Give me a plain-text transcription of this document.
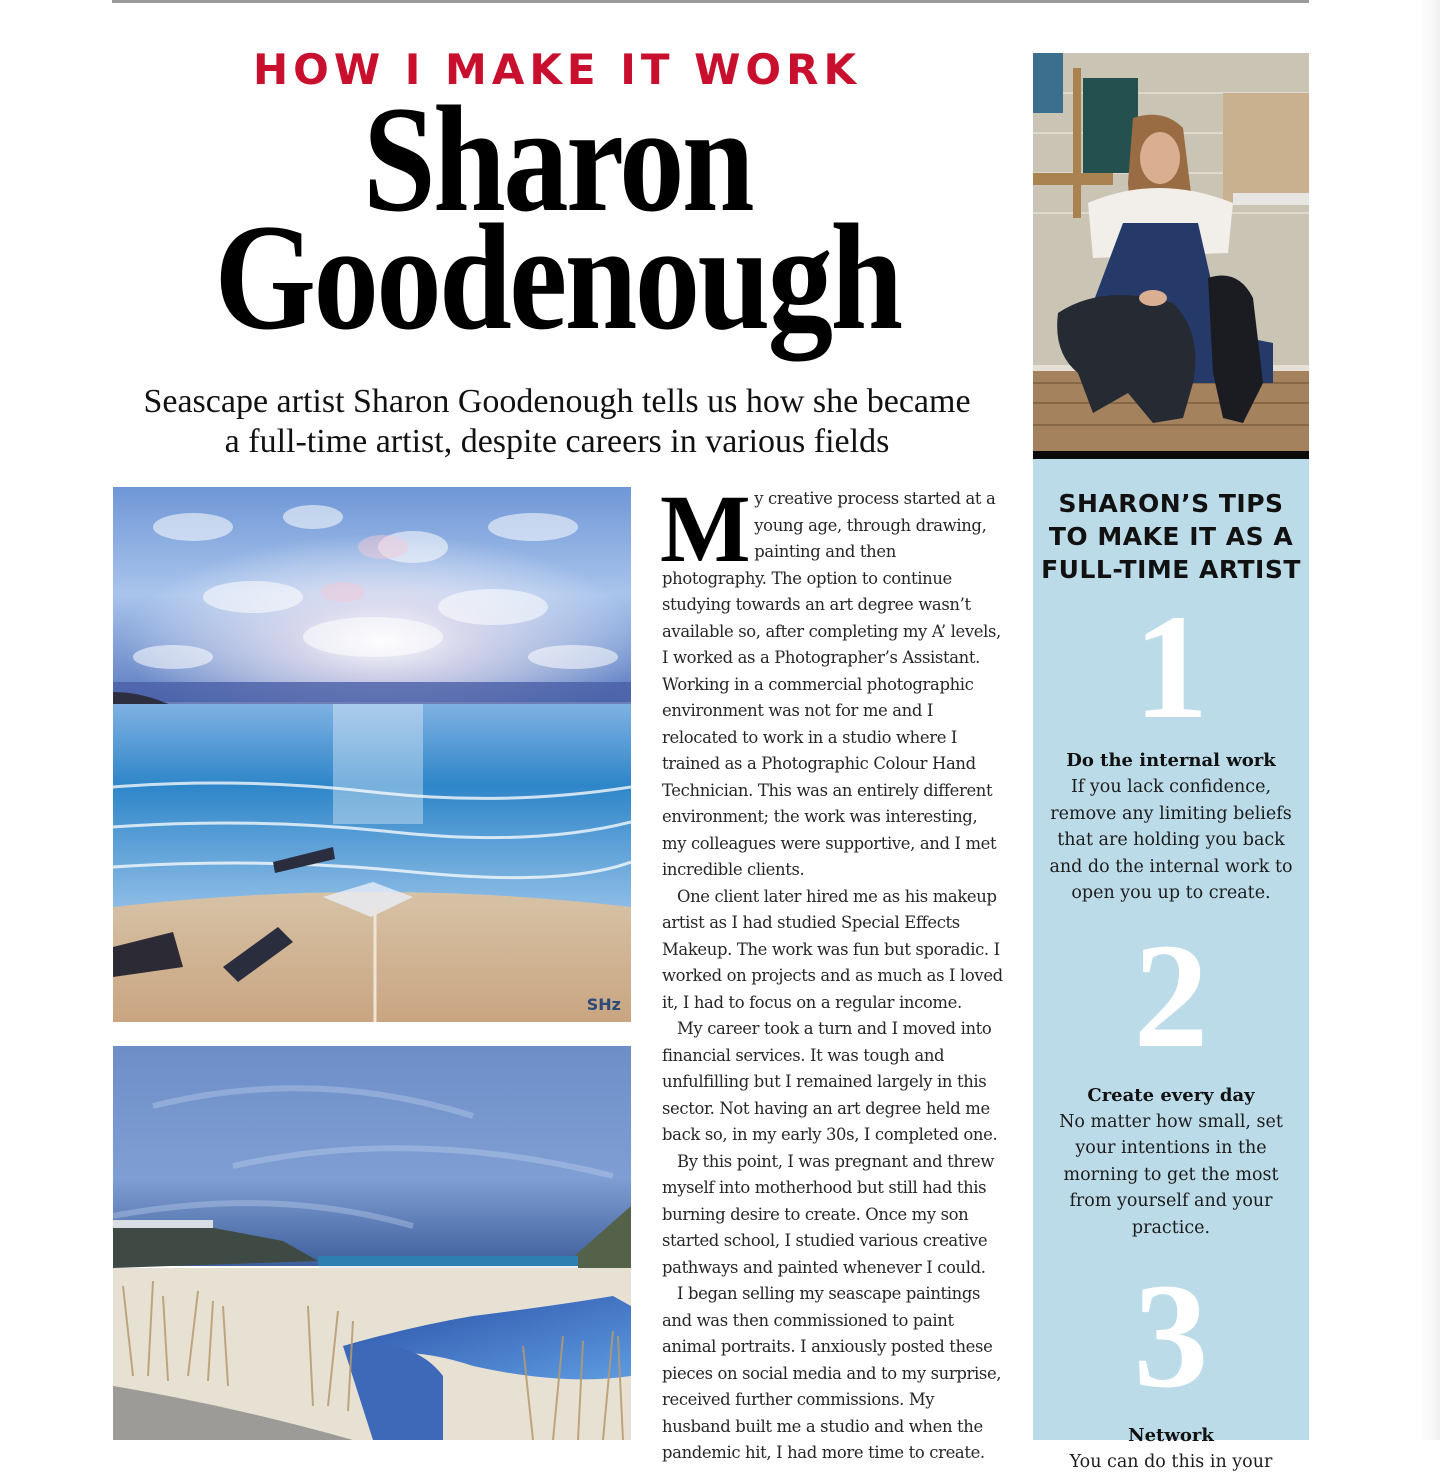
HOW I MAKE IT WORK
Sharon
Goodenough
Seascape artist Sharon Goodenough tells us how she became
a full-time artist, despite careers in various fields
SHz

My creative process started at a young age, through drawing, painting and then photography. The option to continue studying towards an art degree wasn’t available so, after completing my A’ levels, I worked as a Photographer’s Assistant. Working in a commercial photographic environment was not for me and I relocated to work in a studio where I trained as a Photographic Colour Hand Technician. This was an entirely different environment; the work was interesting, my colleagues were supportive, and I met incredible clients.

One client later hired me as his makeup artist as I had studied Special Effects Makeup. The work was fun but sporadic. I worked on projects and as much as I loved it, I had to focus on a regular income.

My career took a turn and I moved into financial services. It was tough and unfulfilling but I remained largely in this sector. Not having an art degree held me back so, in my early 30s, I completed one.

By this point, I was pregnant and threw myself into motherhood but still had this burning desire to create. Once my son started school, I studied various creative pathways and painted whenever I could.

I began selling my seascape paintings and was then commissioned to paint animal portraits. I anxiously posted these pieces on social media and to my surprise, received further commissions. My husband built me a studio and when the pandemic hit, I had more time to create.

SHARON’S TIPS
TO MAKE IT AS A
FULL-TIME ARTIST
1
Do the internal work
If you lack confidence, remove any limiting beliefs that are holding you back and do the internal work to open you up to create.
2
Create every day
No matter how small, set your intentions in the morning to get the most from yourself and your practice.
3
Network
You can do this in your
